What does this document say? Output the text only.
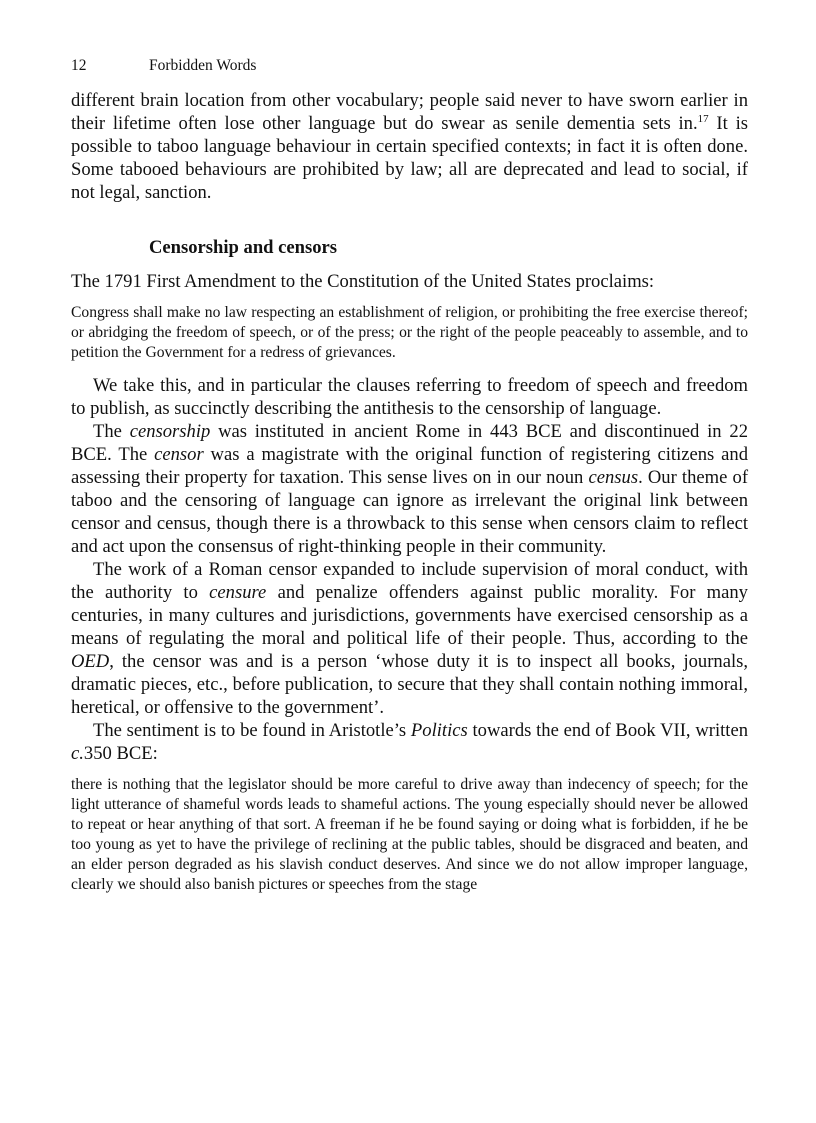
12	Forbidden Words

different brain location from other vocabulary; people said never to have sworn earlier in their lifetime often lose other language but do swear as senile dementia sets in.$^{17}$ It is possible to taboo language behaviour in certain specified contexts; in fact it is often done. Some tabooed behaviours are prohibited by law; all are deprecated and lead to social, if not legal, sanction.

Censorship and censors

The 1791 First Amendment to the Constitution of the United States proclaims:

Congress shall make no law respecting an establishment of religion, or prohibiting the free exercise thereof; or abridging the freedom of speech, or of the press; or the right of the people peaceably to assemble, and to petition the Government for a redress of grievances.

We take this, and in particular the clauses referring to freedom of speech and freedom to publish, as succinctly describing the antithesis to the censorship of language.

The censorship was instituted in ancient Rome in 443 BCE and discontinued in 22 BCE. The censor was a magistrate with the original function of registering citizens and assessing their property for taxation. This sense lives on in our noun census. Our theme of taboo and the censoring of language can ignore as irrelevant the original link between censor and census, though there is a throwback to this sense when censors claim to reflect and act upon the consensus of right-thinking people in their community.

The work of a Roman censor expanded to include supervision of moral conduct, with the authority to censure and penalize offenders against public morality. For many centuries, in many cultures and jurisdictions, governments have exercised censorship as a means of regulating the moral and political life of their people. Thus, according to the OED, the censor was and is a person ‘whose duty it is to inspect all books, journals, dramatic pieces, etc., before publication, to secure that they shall contain nothing immoral, heretical, or offensive to the government’.

The sentiment is to be found in Aristotle’s Politics towards the end of Book VII, written c.350 BCE:

there is nothing that the legislator should be more careful to drive away than indecency of speech; for the light utterance of shameful words leads to shameful actions. The young especially should never be allowed to repeat or hear anything of that sort. A freeman if he be found saying or doing what is forbidden, if he be too young as yet to have the privilege of reclining at the public tables, should be disgraced and beaten, and an elder person degraded as his slavish conduct deserves. And since we do not allow improper language, clearly we should also banish pictures or speeches from the stage
